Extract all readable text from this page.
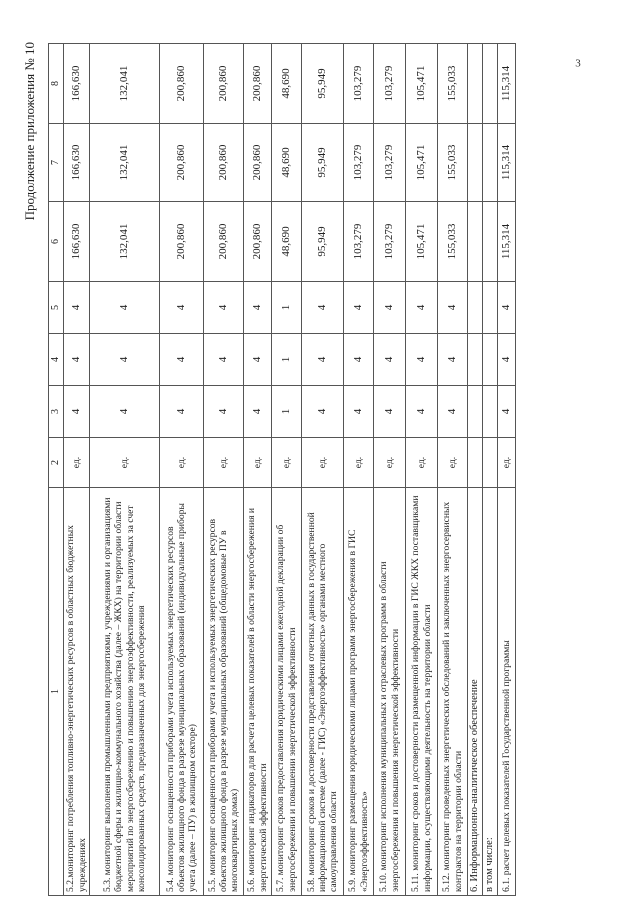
3
Продолжение приложения № 10
1	2	3	4	5	6	7	8
5.2.мониторинг потребления топливно-энергетических ресурсов в областных бюджетных учреждениях	ед.	4	4	4	166,630	166,630	166,630
5.3. мониторинг выполнения промышленными предприятиями, учреждениями и организациями бюджетной сферы и жилищно-коммунального хозяйства (далее – ЖКХ) на территории области мероприятий по энергосбережению и повышению энергоэффективности, реализуемых за счет консолидированных средств, предназначенных для энергосбережения	ед.	4	4	4	132,041	132,041	132,041
5.4. мониторинг оснащенности приборами учета используемых энергетических ресурсов объектов жилищного фонда в разрезе муниципальных образований (индивидуальные приборы учета (далее – ПУ) в жилищном секторе)	ед.	4	4	4	200,860	200,860	200,860
5.5. мониторинг оснащенности приборами учета и используемых энергетических ресурсов объектов жилищного фонда в разрезе муниципальных образований (общедомовые ПУ в многоквартирных домах)	ед.	4	4	4	200,860	200,860	200,860
5.6. мониторинг индикаторов для расчета целевых показателей в области энергосбережения и энергетической эффективности	ед.	4	4	4	200,860	200,860	200,860
5.7. мониторинг сроков предоставления юридическими лицами ежегодной декларации об энергосбережении и повышении энергетической эффективности	ед.	1	1	1	48,690	48,690	48,690
5.8. мониторинг сроков и достоверности представления отчетных данных в государственной информационной системе (далее - ГИС) «Энергоэффективность» органами местного самоуправления области	ед.	4	4	4	95,949	95,949	95,949
5.9. мониторинг размещения юридическими лицами программ энергосбережения в ГИС «Энергоэффективность»	ед.	4	4	4	103,279	103,279	103,279
5.10. мониторинг исполнения муниципальных и отраслевых программ в области энергосбережения и повышения энергетической эффективности	ед.	4	4	4	103,279	103,279	103,279
5.11. мониторинг сроков и достоверности размещенной информации в ГИС ЖКХ поставщиками информации, осуществляющими деятельность на территории области	ед.	4	4	4	105,471	105,471	105,471
5.12. мониторинг проведенных энергетических обследований и заключенных энергосервисных контрактов на территории области	ед.	4	4	4	155,033	155,033	155,033
6. Информационно-аналитическое обеспечение							
в том числе:							
6.1. расчет целевых показателей Государственной программы	ед.	4	4	4	115,314	115,314	115,314
